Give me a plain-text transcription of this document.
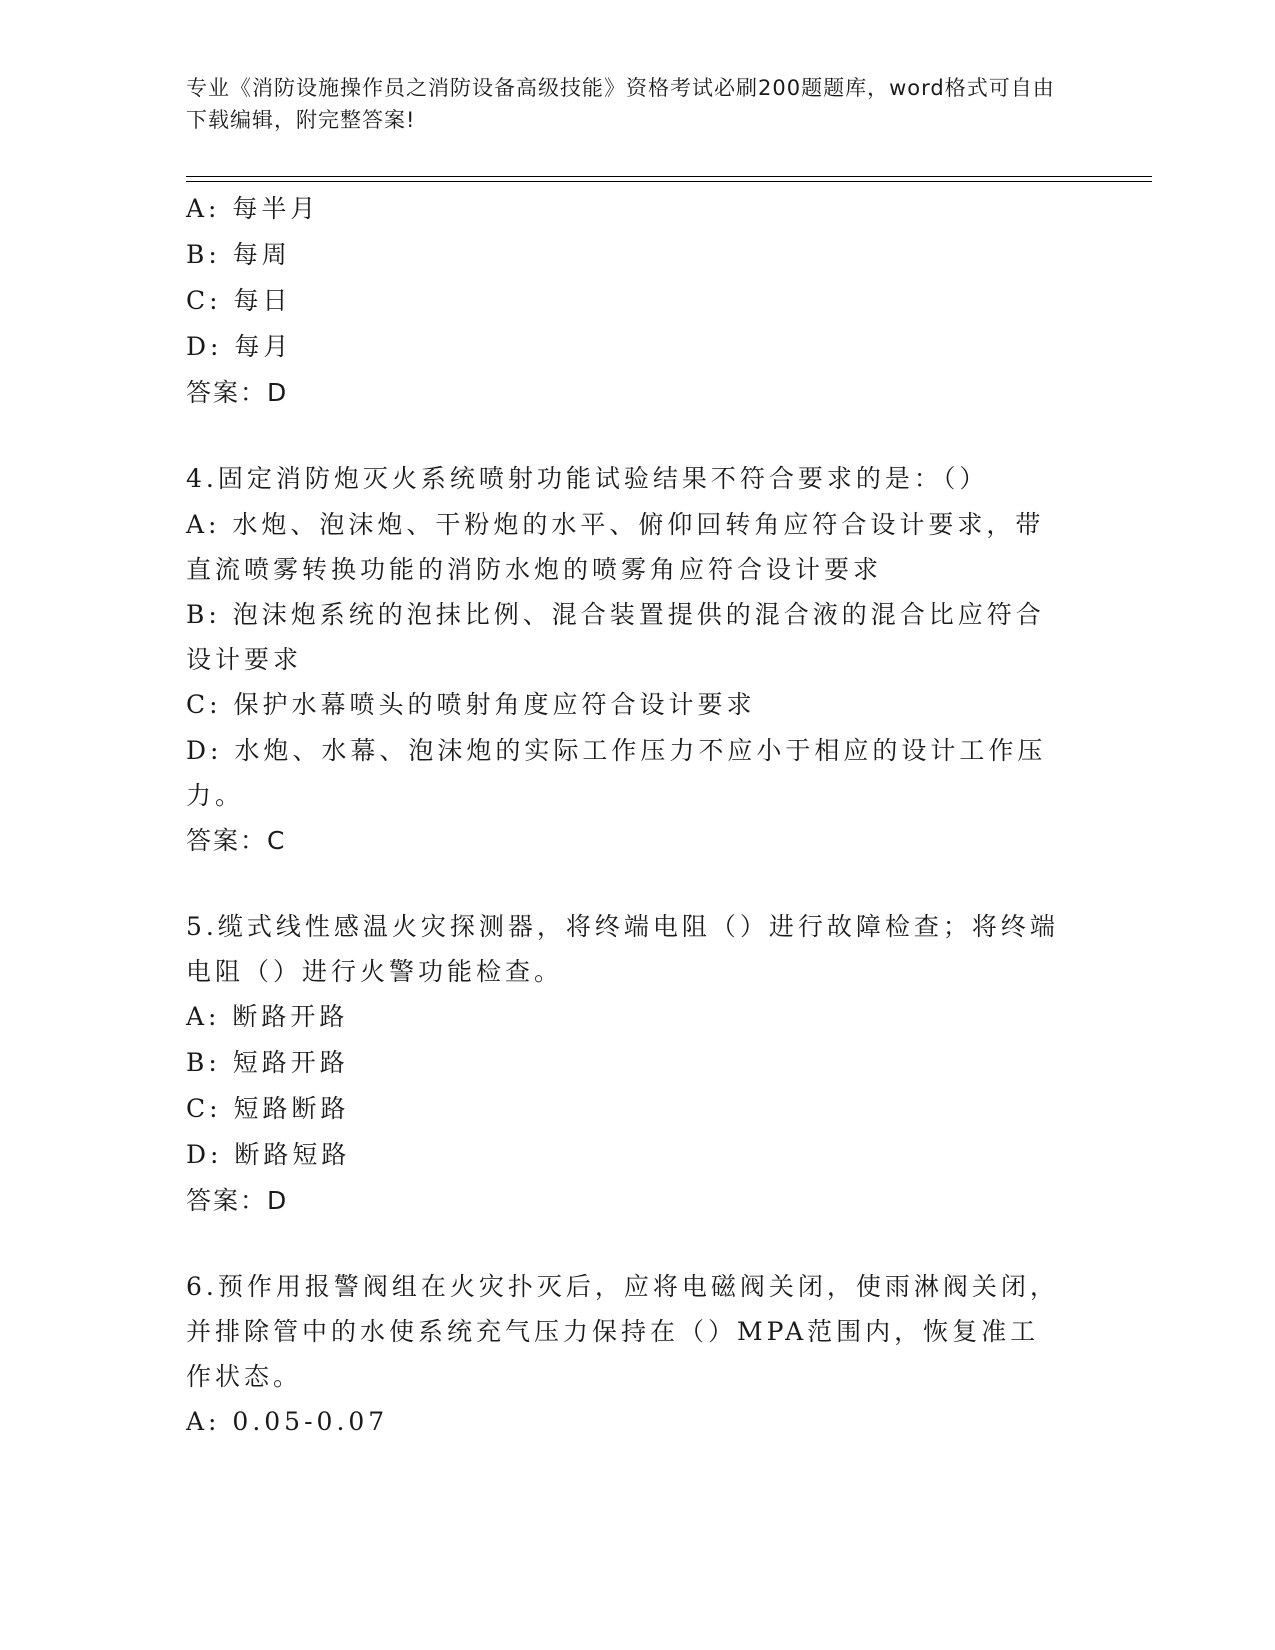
专业《消防设施操作员之消防设备高级技能》资格考试必刷200题题库，word格式可自由下载编辑，附完整答案!
A: 每半月
B: 每周
C: 每日
D: 每月
答案：D
4.固定消防炮灭火系统喷射功能试验结果不符合要求的是：（）
A: 水炮、泡沫炮、干粉炮的水平、俯仰回转角应符合设计要求，带直流喷雾转换功能的消防水炮的喷雾角应符合设计要求
B: 泡沫炮系统的泡抹比例、混合装置提供的混合液的混合比应符合设计要求
C: 保护水幕喷头的喷射角度应符合设计要求
D: 水炮、水幕、泡沫炮的实际工作压力不应小于相应的设计工作压力。
答案：C
5.缆式线性感温火灾探测器，将终端电阻（）进行故障检查；将终端电阻（）进行火警功能检查。
A: 断路开路
B: 短路开路
C: 短路断路
D: 断路短路
答案：D
6.预作用报警阀组在火灾扑灭后，应将电磁阀关闭，使雨淋阀关闭，并排除管中的水使系统充气压力保持在（）MPA范围内，恢复准工作状态。
A: 0.05-0.07
